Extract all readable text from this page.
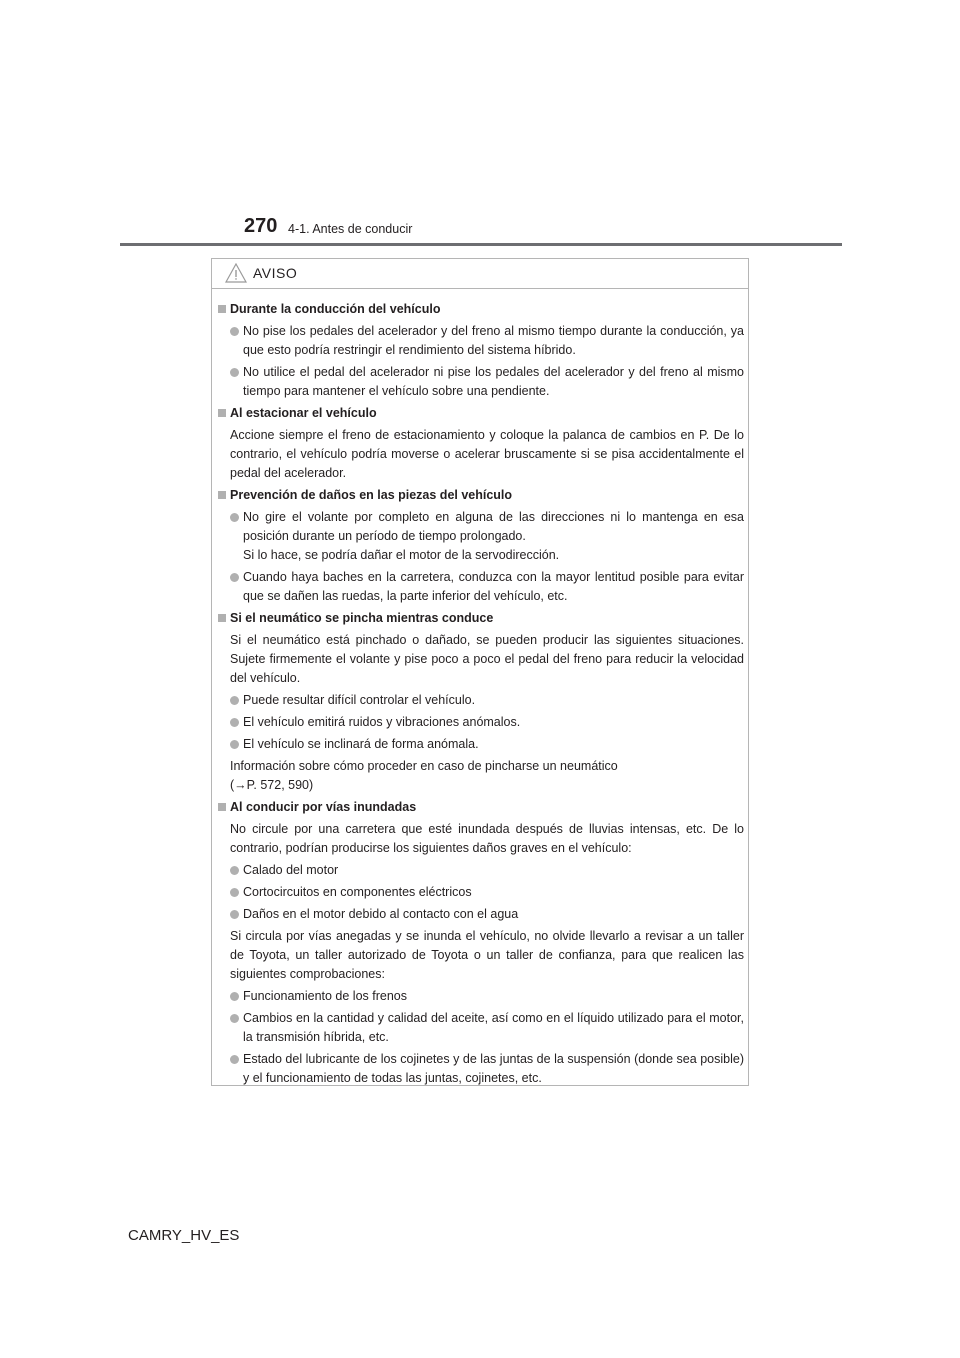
270 4-1. Antes de conducir
AVISO
Durante la conducción del vehículo
No pise los pedales del acelerador y del freno al mismo tiempo durante la conducción, ya que esto podría restringir el rendimiento del sistema híbrido.
No utilice el pedal del acelerador ni pise los pedales del acelerador y del freno al mismo tiempo para mantener el vehículo sobre una pendiente.
Al estacionar el vehículo
Accione siempre el freno de estacionamiento y coloque la palanca de cambios en P. De lo contrario, el vehículo podría moverse o acelerar bruscamente si se pisa accidentalmente el pedal del acelerador.
Prevención de daños en las piezas del vehículo
No gire el volante por completo en alguna de las direcciones ni lo mantenga en esa posición durante un período de tiempo prolongado.
Si lo hace, se podría dañar el motor de la servodirección.
Cuando haya baches en la carretera, conduzca con la mayor lentitud posible para evitar que se dañen las ruedas, la parte inferior del vehículo, etc.
Si el neumático se pincha mientras conduce
Si el neumático está pinchado o dañado, se pueden producir las siguientes situaciones. Sujete firmemente el volante y pise poco a poco el pedal del freno para reducir la velocidad del vehículo.
Puede resultar difícil controlar el vehículo.
El vehículo emitirá ruidos y vibraciones anómalos.
El vehículo se inclinará de forma anómala.
Información sobre cómo proceder en caso de pincharse un neumático
(→P. 572, 590)
Al conducir por vías inundadas
No circule por una carretera que esté inundada después de lluvias intensas, etc. De lo contrario, podrían producirse los siguientes daños graves en el vehículo:
Calado del motor
Cortocircuitos en componentes eléctricos
Daños en el motor debido al contacto con el agua
Si circula por vías anegadas y se inunda el vehículo, no olvide llevarlo a revisar a un taller de Toyota, un taller autorizado de Toyota o un taller de confianza, para que realicen las siguientes comprobaciones:
Funcionamiento de los frenos
Cambios en la cantidad y calidad del aceite, así como en el líquido utilizado para el motor, la transmisión híbrida, etc.
Estado del lubricante de los cojinetes y de las juntas de la suspensión (donde sea posible) y el funcionamiento de todas las juntas, cojinetes, etc.
CAMRY_HV_ES
